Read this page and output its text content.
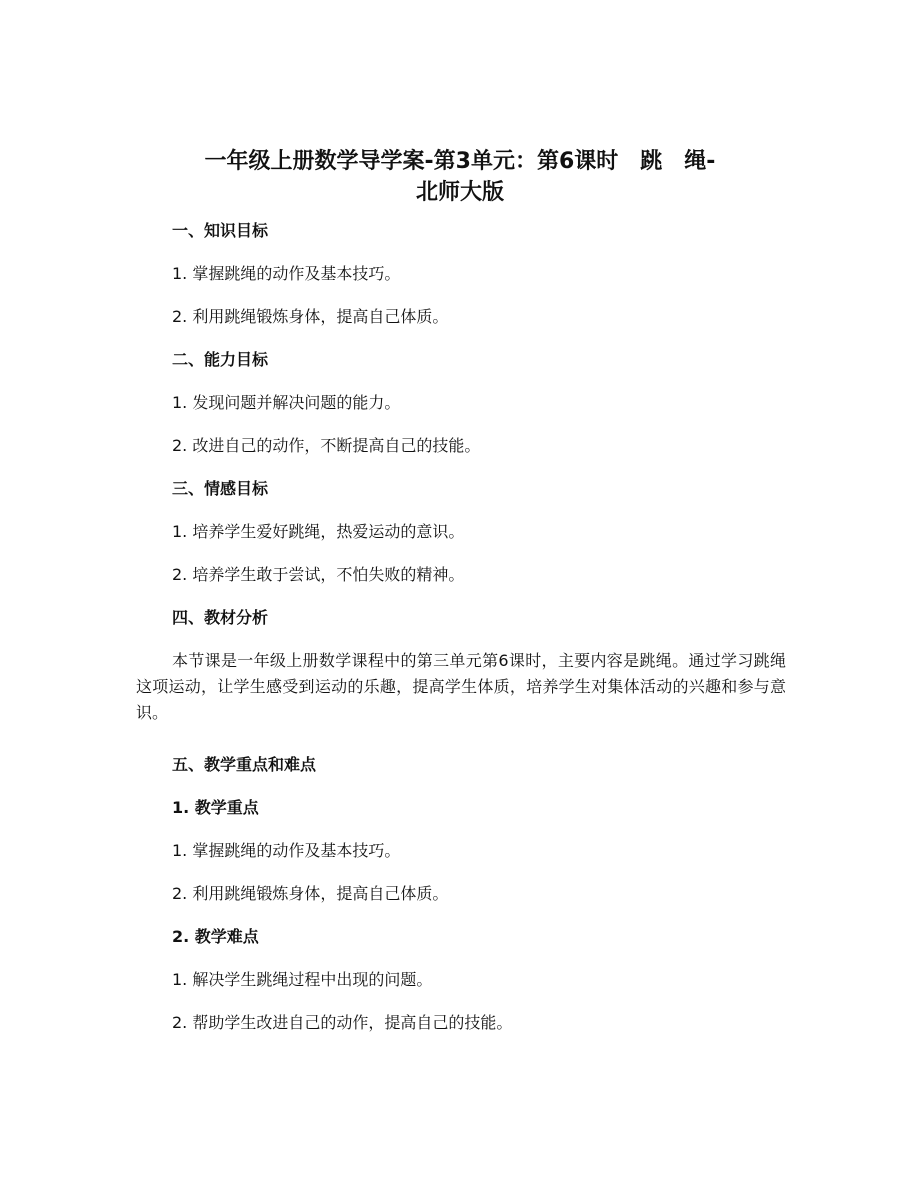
一年级上册数学导学案-第3单元：第6课时　跳　绳-
北师大版

一、知识目标

1. 掌握跳绳的动作及基本技巧。

2. 利用跳绳锻炼身体，提高自己体质。

二、能力目标

1. 发现问题并解决问题的能力。

2. 改进自己的动作，不断提高自己的技能。

三、情感目标

1. 培养学生爱好跳绳，热爱运动的意识。

2. 培养学生敢于尝试，不怕失败的精神。

四、教材分析

本节课是一年级上册数学课程中的第三单元第6课时，主要内容是跳绳。通过学习跳绳这项运动，让学生感受到运动的乐趣，提高学生体质，培养学生对集体活动的兴趣和参与意识。

五、教学重点和难点

1. 教学重点

1. 掌握跳绳的动作及基本技巧。

2. 利用跳绳锻炼身体，提高自己体质。

2. 教学难点

1. 解决学生跳绳过程中出现的问题。

2. 帮助学生改进自己的动作，提高自己的技能。
